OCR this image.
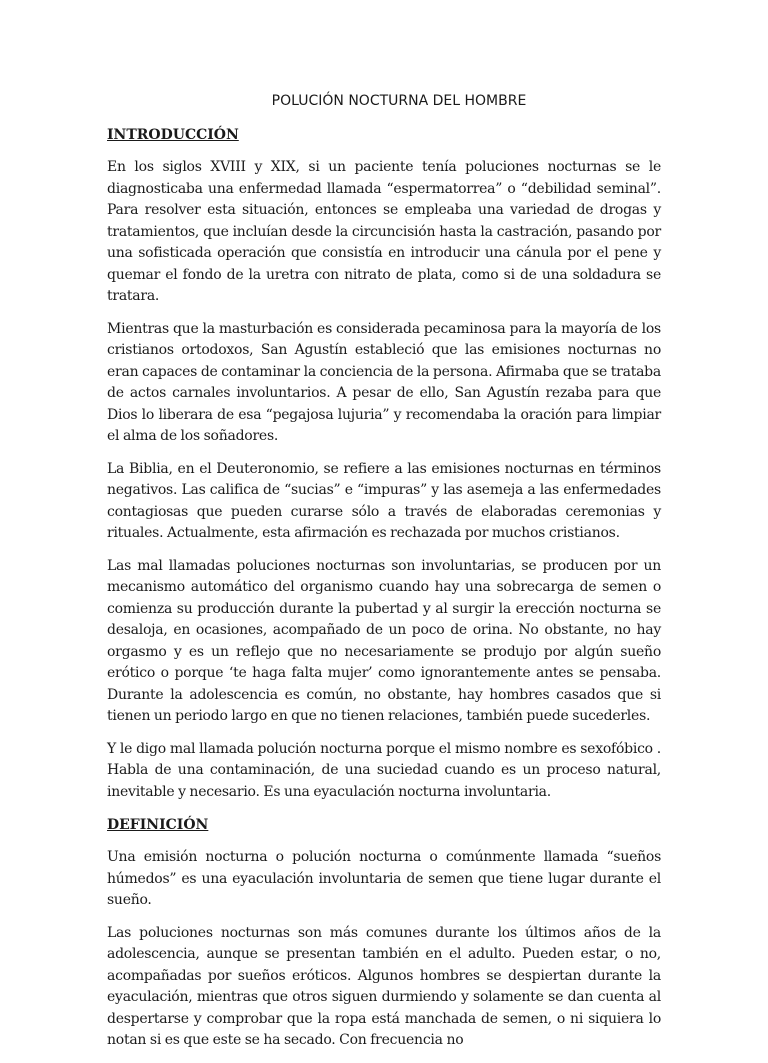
POLUCIÓN NOCTURNA DEL HOMBRE
INTRODUCCIÓN

En los siglos XVIII y XIX, si un paciente tenía poluciones nocturnas se le diagnosticaba una enfermedad llamada “espermatorrea” o “debilidad seminal”. Para resolver esta situación, entonces se empleaba una variedad de drogas y tratamientos, que incluían desde la circuncisión hasta la castración, pasando por una sofisticada operación que consistía en introducir una cánula por el pene y quemar el fondo de la uretra con nitrato de plata, como si de una soldadura se tratara.

Mientras que la masturbación es considerada pecaminosa para la mayoría de los cristianos ortodoxos, San Agustín estableció que las emisiones nocturnas no eran capaces de contaminar la conciencia de la persona. Afirmaba que se trataba de actos carnales involuntarios. A pesar de ello, San Agustín rezaba para que Dios lo liberara de esa “pegajosa lujuria” y recomendaba la oración para limpiar el alma de los soñadores.

La Biblia, en el Deuteronomio, se refiere a las emisiones nocturnas en términos negativos. Las califica de “sucias” e “impuras” y las asemeja a las enfermedades contagiosas que pueden curarse sólo a través de elaboradas ceremonias y rituales. Actualmente, esta afirmación es rechazada por muchos cristianos.

Las mal llamadas poluciones nocturnas son involuntarias, se producen por un mecanismo automático del organismo cuando hay una sobrecarga de semen o comienza su producción durante la pubertad y al surgir la erección nocturna se desaloja, en ocasiones, acompañado de un poco de orina. No obstante, no hay orgasmo y es un reflejo que no necesariamente se produjo por algún sueño erótico o porque ‘te haga falta mujer’ como ignorantemente antes se pensaba. Durante la adolescencia es común, no obstante, hay hombres casados que si tienen un periodo largo en que no tienen relaciones, también puede sucederles.

Y le digo mal llamada polución nocturna porque el mismo nombre es sexofóbico . Habla de una contaminación, de una suciedad cuando es un proceso natural, inevitable y necesario. Es una eyaculación nocturna involuntaria.

DEFINICIÓN

Una emisión nocturna o polución nocturna o comúnmente llamada “sueños húmedos” es una eyaculación involuntaria de semen que tiene lugar durante el sueño.

Las poluciones nocturnas son más comunes durante los últimos años de la adolescencia, aunque se presentan también en el adulto. Pueden estar, o no, acompañadas por sueños eróticos. Algunos hombres se despiertan durante la eyaculación, mientras que otros siguen durmiendo y solamente se dan cuenta al despertarse y comprobar que la ropa está manchada de semen, o ni siquiera lo notan si es que este se ha secado. Con frecuencia no
